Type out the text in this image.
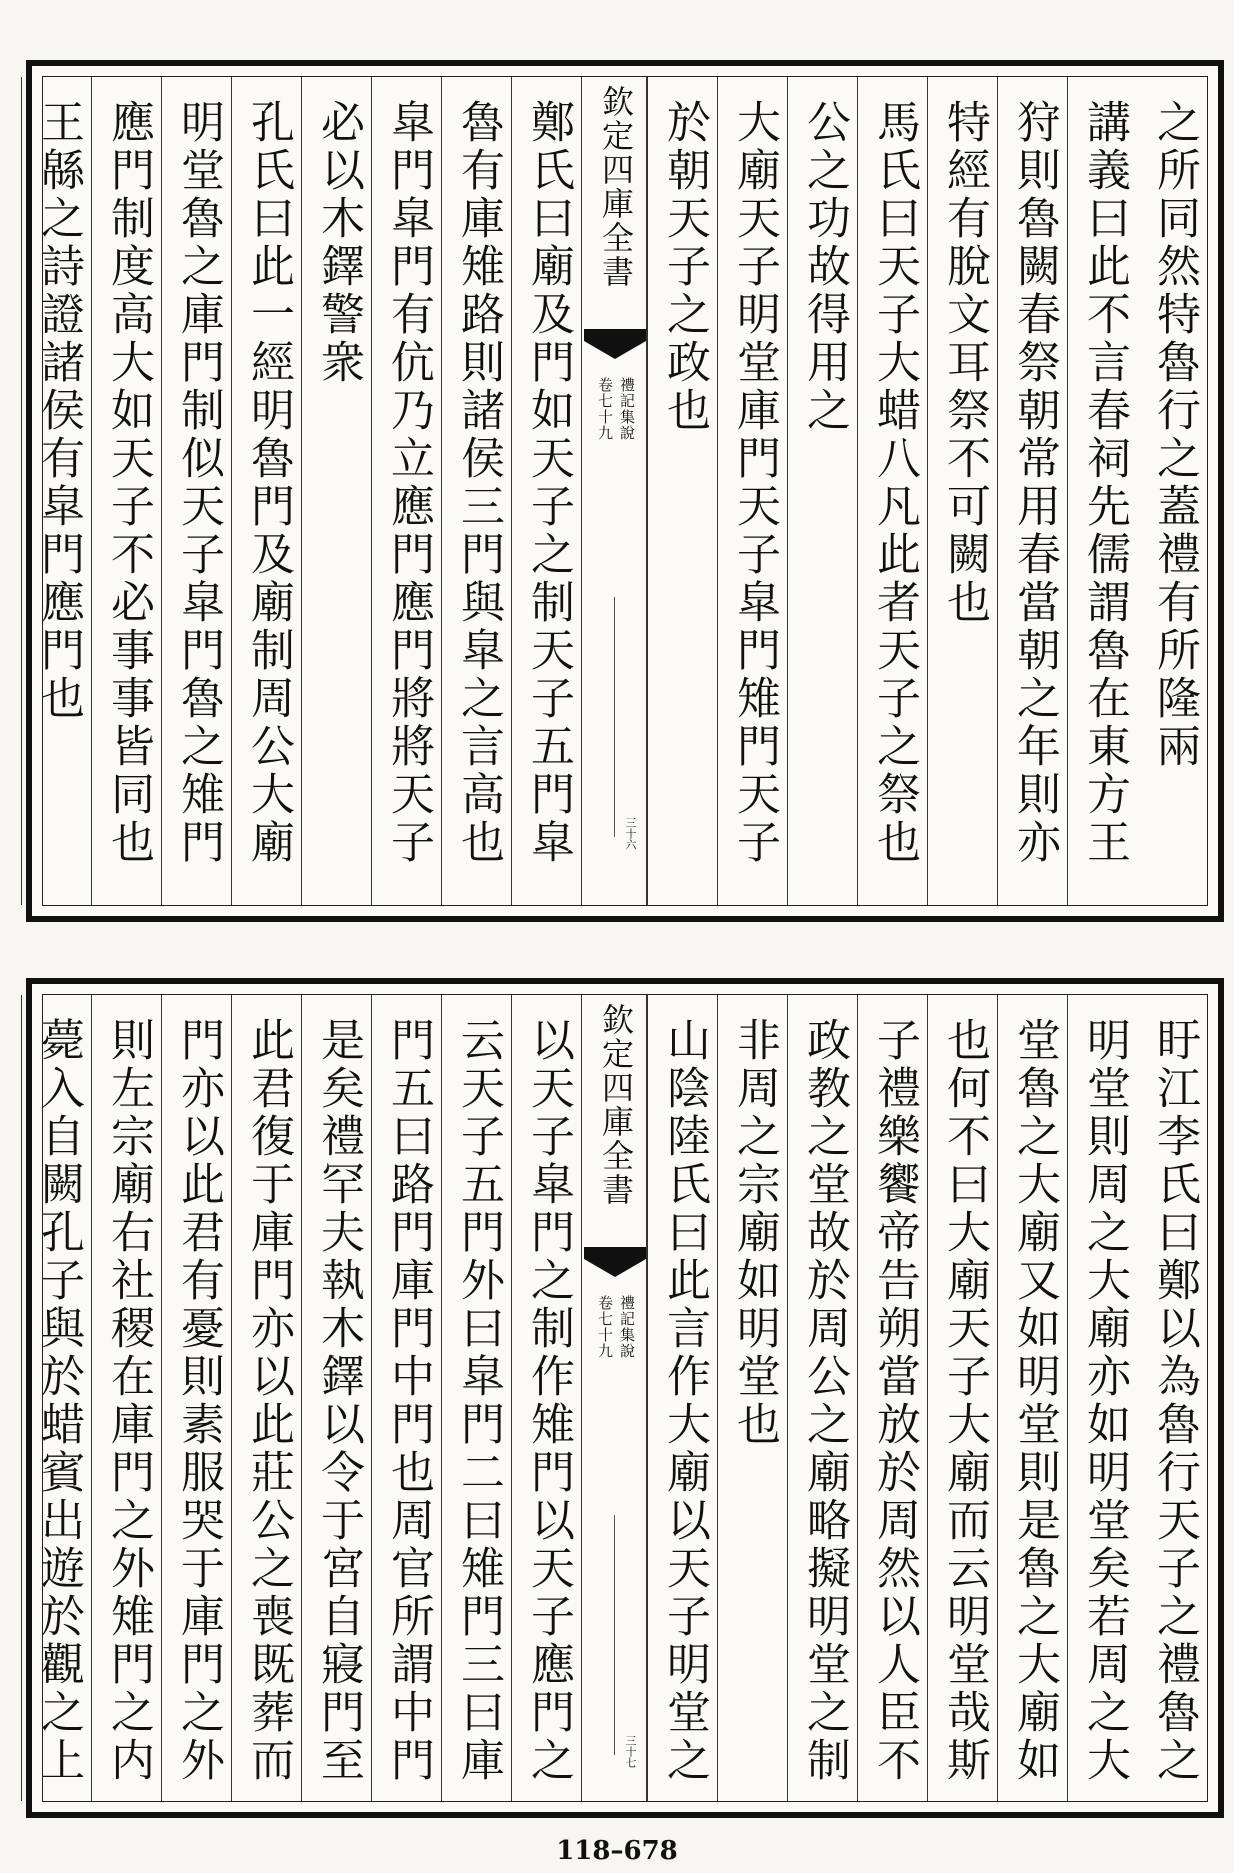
之所同然特魯行之蓋禮有所隆兩
講義曰此不言春祠先儒謂魯在東方王
狩則魯闕春祭朝常用春當朝之年則亦
特經有脫文耳祭不可闕也
馬氏曰天子大蜡八凡此者天子之祭也
公之功故得用之
大廟天子明堂庫門天子皐門雉門天子
於朝天子之政也
欽定四庫全書
禮記集說
卷七十九
三十六
鄭氏曰廟及門如天子之制天子五門皐
魯有庫雉路則諸侯三門與皐之言高也
皐門皐門有伉乃立應門應門將將天子
必以木鐸警衆
孔氏曰此一經明魯門及廟制周公大廟
明堂魯之庫門制似天子皐門魯之雉門
應門制度高大如天子不必事事皆同也
王緜之詩證諸侯有皐門應門也
盱江李氏曰鄭以為魯行天子之禮魯之
明堂則周之大廟亦如明堂矣若周之大
堂魯之大廟又如明堂則是魯之大廟如
也何不曰大廟天子大廟而云明堂哉斯
子禮樂饗帝告朔當放於周然以人臣不
政教之堂故於周公之廟略擬明堂之制
非周之宗廟如明堂也
山陰陸氏曰此言作大廟以天子明堂之
欽定四庫全書
禮記集說
卷七十九
三十七
以天子皐門之制作雉門以天子應門之
云天子五門外曰皐門二曰雉門三曰庫
門五曰路門庫門中門也周官所謂中門
是矣禮罕夫執木鐸以令于宮自寢門至
此君復于庫門亦以此莊公之喪既葬而
門亦以此君有憂則素服哭于庫門之外
則左宗廟右社稷在庫門之外雉門之内
薨入自闕孔子與於蜡賓出遊於觀之上
118–678
